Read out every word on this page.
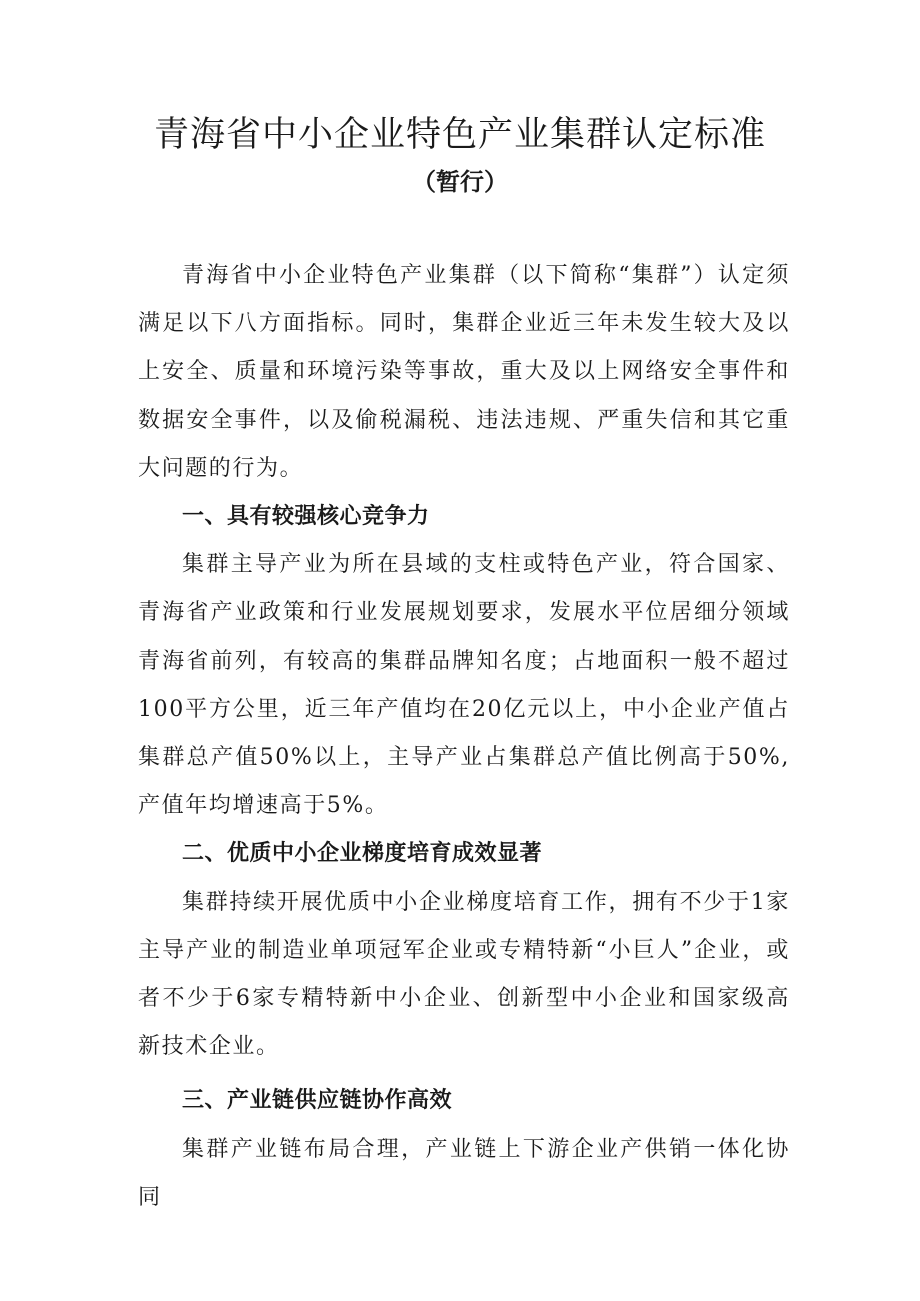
青海省中小企业特色产业集群认定标准
（暂行）

青海省中小企业特色产业集群（以下简称“集群”）认定须满足以下八方面指标。同时，集群企业近三年未发生较大及以上安全、质量和环境污染等事故，重大及以上网络安全事件和数据安全事件，以及偷税漏税、违法违规、严重失信和其它重大问题的行为。

一、具有较强核心竞争力

集群主导产业为所在县域的支柱或特色产业，符合国家、青海省产业政策和行业发展规划要求，发展水平位居细分领域青海省前列，有较高的集群品牌知名度；占地面积一般不超过100平方公里，近三年产值均在20亿元以上，中小企业产值占集群总产值50%以上，主导产业占集群总产值比例高于50%,产值年均增速高于5%。

二、优质中小企业梯度培育成效显著

集群持续开展优质中小企业梯度培育工作，拥有不少于1家主导产业的制造业单项冠军企业或专精特新“小巨人”企业，或者不少于6家专精特新中小企业、创新型中小企业和国家级高新技术企业。

三、产业链供应链协作高效

集群产业链布局合理，产业链上下游企业产供销一体化协同
